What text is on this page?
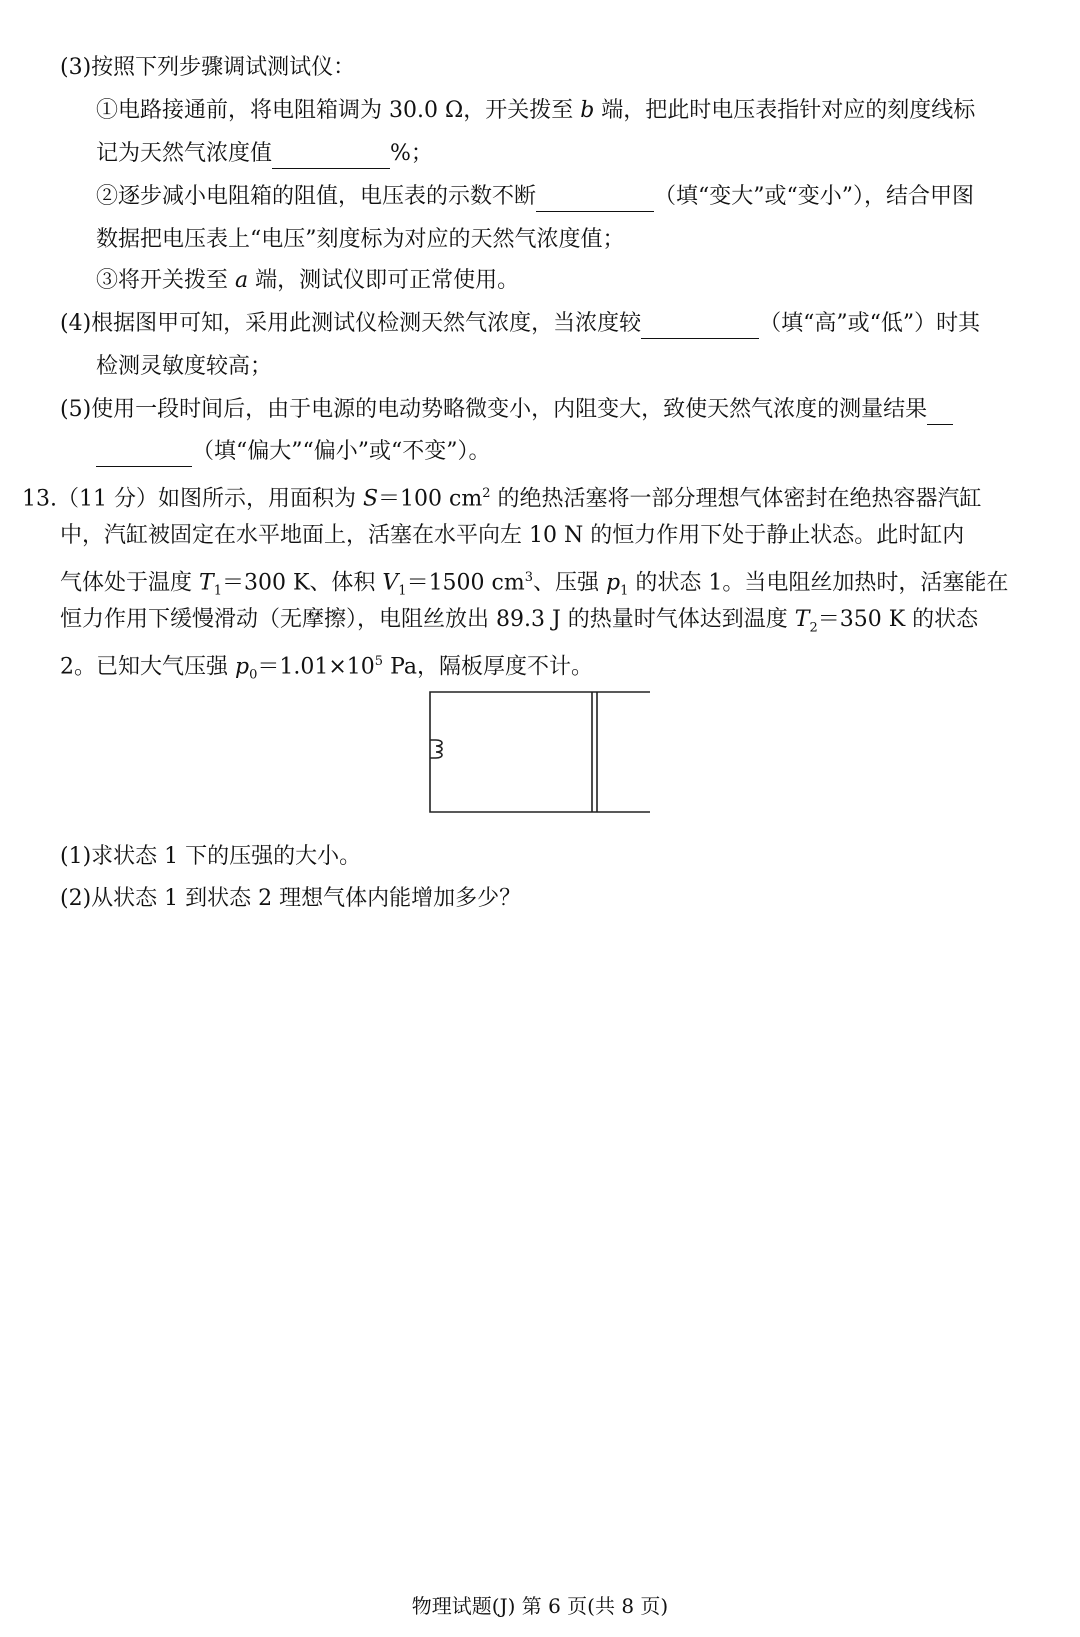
(3)按照下列步骤调试测试仪：
①电路接通前，将电阻箱调为 30.0 Ω，开关拨至 b 端，把此时电压表指针对应的刻度线标
记为天然气浓度值	%；
②逐步减小电阻箱的阻值，电压表的示数不断	（填“变大”或“变小”），结合甲图
数据把电压表上“电压”刻度标为对应的天然气浓度值；
③将开关拨至 a 端，测试仪即可正常使用。
(4)根据图甲可知，采用此测试仪检测天然气浓度，当浓度较	（填“高”或“低”）时其
检测灵敏度较高；
(5)使用一段时间后，由于电源的电动势略微变小，内阻变大，致使天然气浓度的测量结果
（填“偏大”“偏小”或“不变”）。
13.（11 分）如图所示，用面积为 S＝100 $cm^2$ 的绝热活塞将一部分理想气体密封在绝热容器汽缸
中，汽缸被固定在水平地面上，活塞在水平向左 10 N 的恒力作用下处于静止状态。此时缸内
气体处于温度 $T_1=300$ K、体积 $V_1=1500$ $cm^3$、压强 $p_1$ 的状态 1。当电阻丝加热时，活塞能在
恒力作用下缓慢滑动（无摩擦），电阻丝放出 89.3 J 的热量时气体达到温度 $T_2=350$ K 的状态
2。已知大气压强 $p_0=1.01\times 10^5$ Pa，隔板厚度不计。
(1)求状态 1 下的压强的大小。
(2)从状态 1 到状态 2 理想气体内能增加多少？
物理试题(J) 第 6 页(共 8 页)
